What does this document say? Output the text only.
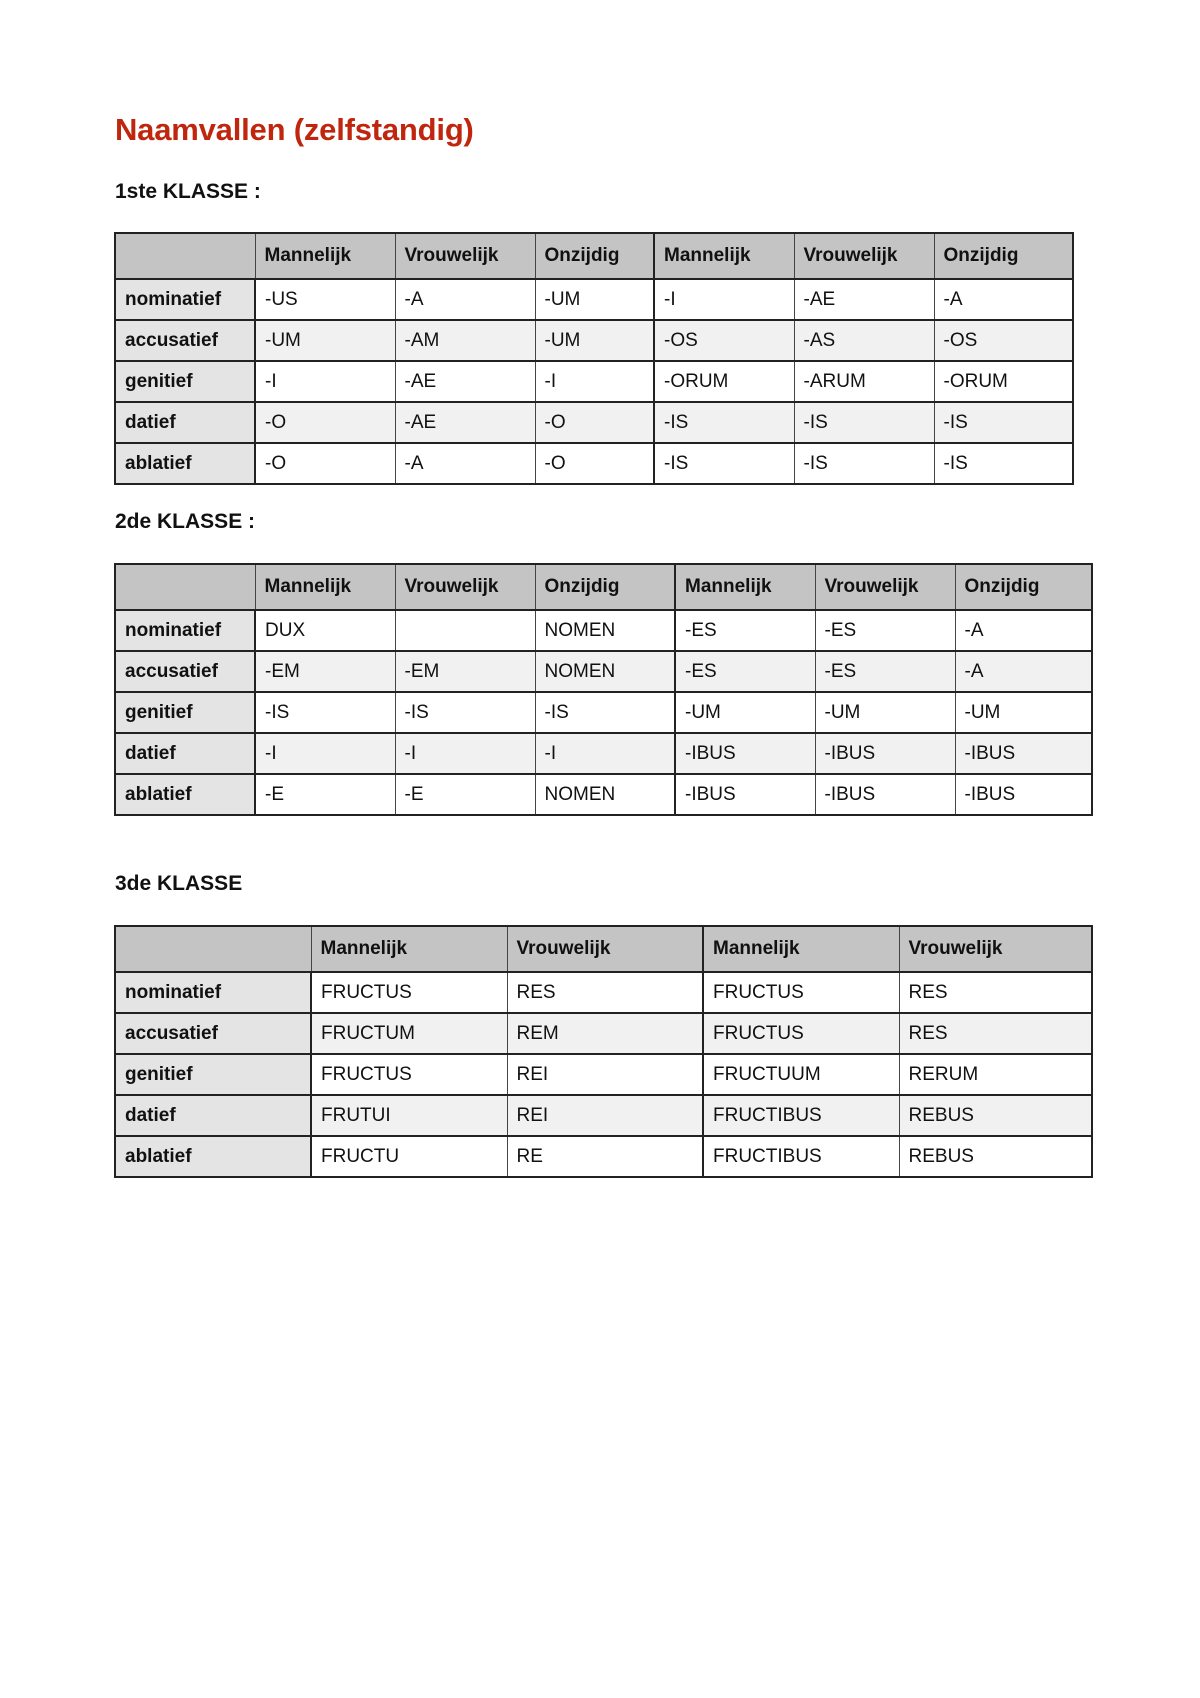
Naamvallen (zelfstandig)
1ste KLASSE :
	Mannelijk	Vrouwelijk	Onzijdig	Mannelijk	Vrouwelijk	Onzijdig
nominatief	-US	-A	-UM	-I	-AE	-A
accusatief	-UM	-AM	-UM	-OS	-AS	-OS
genitief	-I	-AE	-I	-ORUM	-ARUM	-ORUM
datief	-O	-AE	-O	-IS	-IS	-IS
ablatief	-O	-A	-O	-IS	-IS	-IS
2de KLASSE :
	Mannelijk	Vrouwelijk	Onzijdig	Mannelijk	Vrouwelijk	Onzijdig
nominatief	DUX		NOMEN	-ES	-ES	-A
accusatief	-EM	-EM	NOMEN	-ES	-ES	-A
genitief	-IS	-IS	-IS	-UM	-UM	-UM
datief	-I	-I	-I	-IBUS	-IBUS	-IBUS
ablatief	-E	-E	NOMEN	-IBUS	-IBUS	-IBUS
3de KLASSE
	Mannelijk	Vrouwelijk	Mannelijk	Vrouwelijk
nominatief	FRUCTUS	RES	FRUCTUS	RES
accusatief	FRUCTUM	REM	FRUCTUS	RES
genitief	FRUCTUS	REI	FRUCTUUM	RERUM
datief	FRUTUI	REI	FRUCTIBUS	REBUS
ablatief	FRUCTU	RE	FRUCTIBUS	REBUS
